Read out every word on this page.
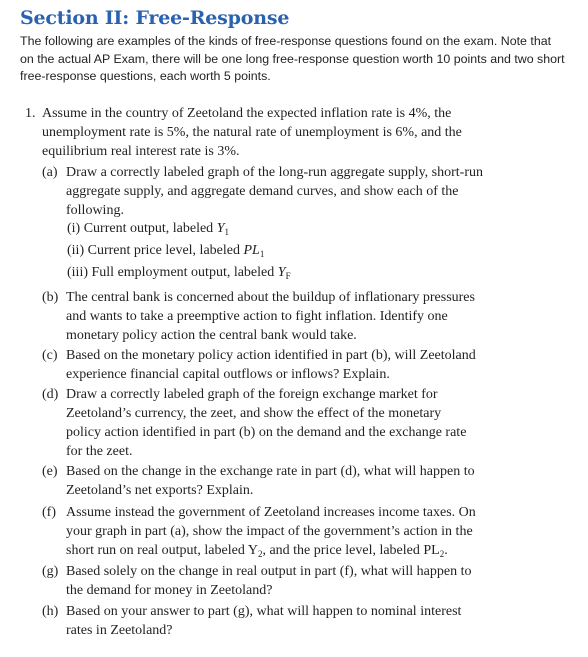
Section II: Free-Response

The following are examples of the kinds of free-response questions found on the exam. Note that on the actual AP Exam, there will be one long free-response question worth 10 points and two short free-response questions, each worth 5 points.

1. Assume in the country of Zeetoland the expected inflation rate is 4%, the unemployment rate is 5%, the natural rate of unemployment is 6%, and the equilibrium real interest rate is 3%.

(a) Draw a correctly labeled graph of the long-run aggregate supply, short-run aggregate supply, and aggregate demand curves, and show each of the following.

(i) Current output, labeled $Y_1$
(ii) Current price level, labeled $PL_1$
(iii) Full employment output, labeled $Y_F$
(b) The central bank is concerned about the buildup of inflationary pressures and wants to take a preemptive action to fight inflation. Identify one monetary policy action the central bank would take.

(c) Based on the monetary policy action identified in part (b), will Zeetoland experience financial capital outflows or inflows? Explain.

(d) Draw a correctly labeled graph of the foreign exchange market for Zeetoland’s currency, the zeet, and show the effect of the monetary policy action identified in part (b) on the demand and the exchange rate for the zeet.

(e) Based on the change in the exchange rate in part (d), what will happen to Zeetoland’s net exports? Explain.

(f) Assume instead the government of Zeetoland increases income taxes. On your graph in part (a), show the impact of the government’s action in the short run on real output, labeled $Y_2$, and the price level, labeled $PL_2$.

(g) Based solely on the change in real output in part (f), what will happen to the demand for money in Zeetoland?

(h) Based on your answer to part (g), what will happen to nominal interest rates in Zeetoland?
